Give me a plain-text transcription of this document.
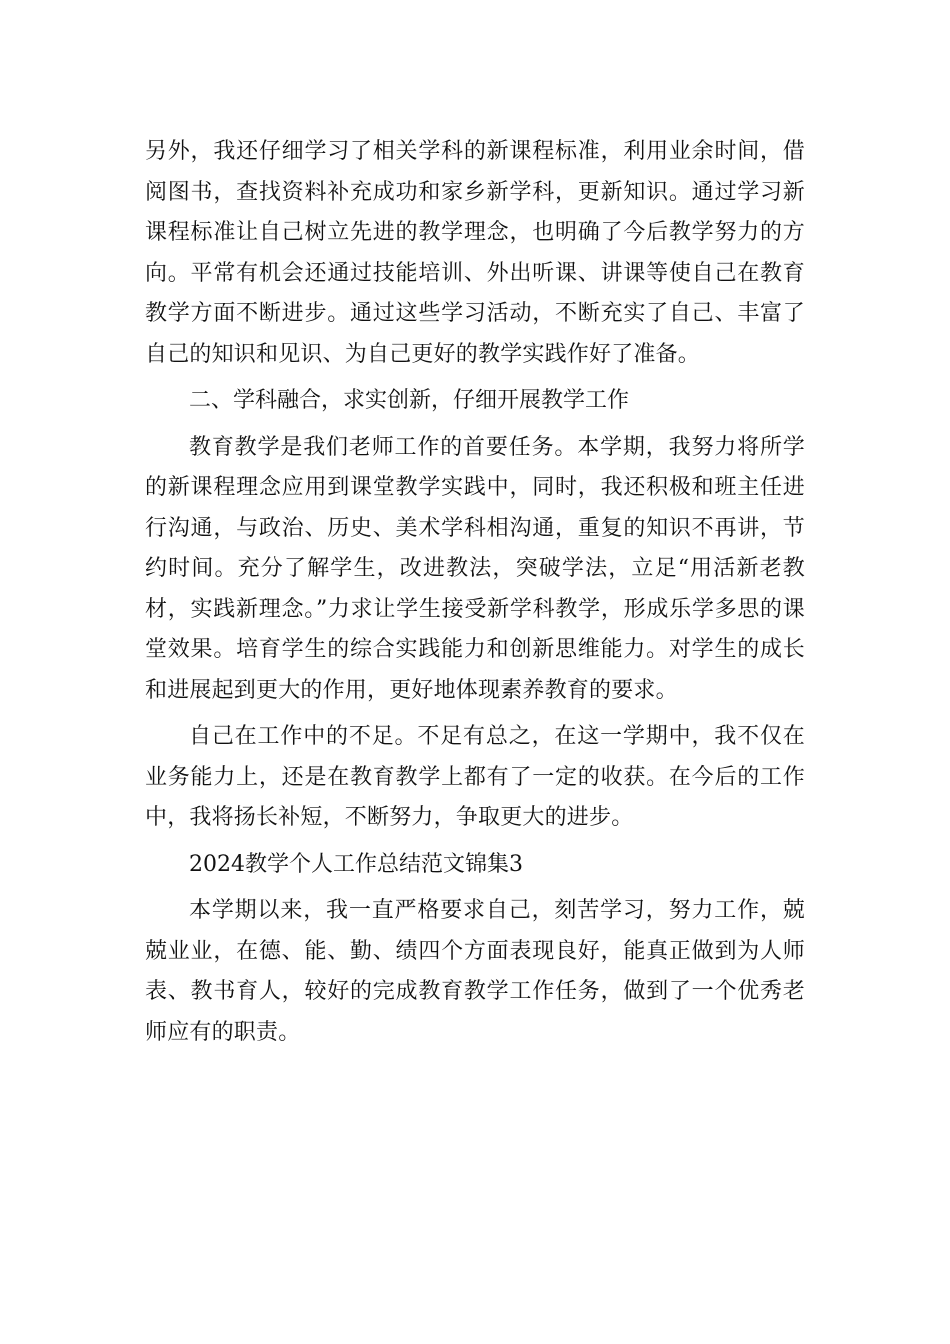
另外，我还仔细学习了相关学科的新课程标准，利用业余时间，借阅图书，查找资料补充成功和家乡新学科，更新知识。通过学习新课程标准让自己树立先进的教学理念，也明确了今后教学努力的方向。平常有机会还通过技能培训、外出听课、讲课等使自己在教育教学方面不断进步。通过这些学习活动，不断充实了自己、丰富了自己的知识和见识、为自己更好的教学实践作好了准备。

二、学科融合，求实创新，仔细开展教学工作

教育教学是我们老师工作的首要任务。本学期，我努力将所学的新课程理念应用到课堂教学实践中，同时，我还积极和班主任进行沟通，与政治、历史、美术学科相沟通，重复的知识不再讲，节约时间。充分了解学生，改进教法，突破学法，立足“用活新老教材，实践新理念。”力求让学生接受新学科教学，形成乐学多思的课堂效果。培育学生的综合实践能力和创新思维能力。对学生的成长和进展起到更大的作用，更好地体现素养教育的要求。

自己在工作中的不足。不足有总之，在这一学期中，我不仅在业务能力上，还是在教育教学上都有了一定的收获。在今后的工作中，我将扬长补短，不断努力，争取更大的进步。

2024教学个人工作总结范文锦集3

本学期以来，我一直严格要求自己，刻苦学习，努力工作，兢兢业业，在德、能、勤、绩四个方面表现良好，能真正做到为人师表、教书育人，较好的完成教育教学工作任务，做到了一个优秀老师应有的职责。
